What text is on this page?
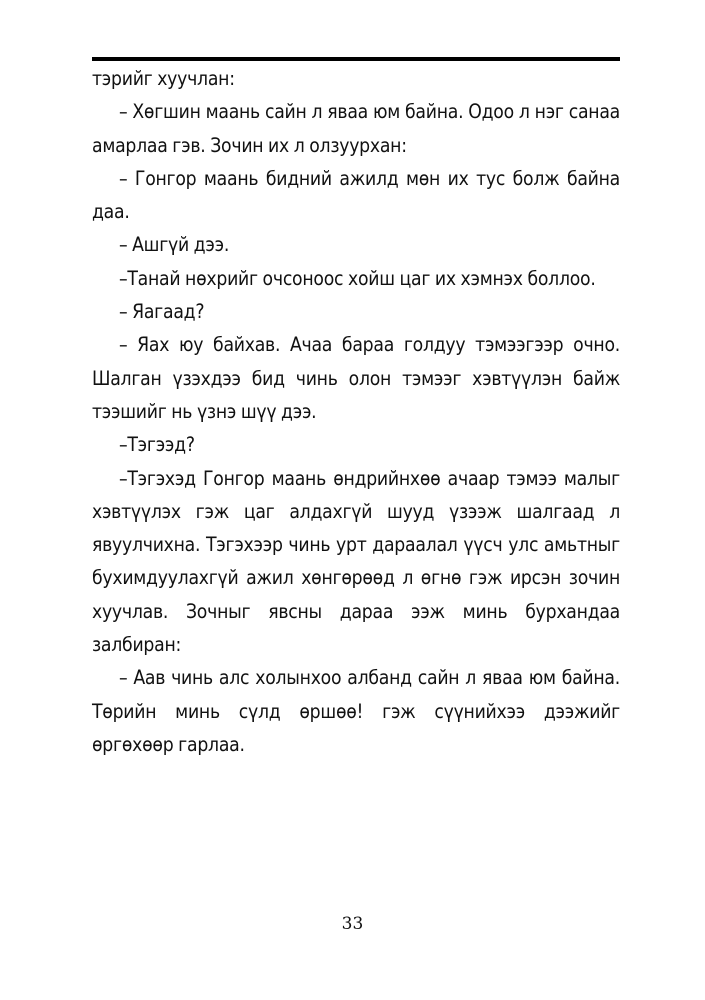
тэрийг хуучлан:

– Хөгшин маань сайн л яваа юм байна. Одоо л нэг санаа амарлаа гэв. Зочин их л олзуурхан:

– Гонгор маань бидний ажилд мөн их тус болж байна даа.

– Ашгүй дээ.

–Танай нөхрийг очсоноос хойш цаг их хэмнэх боллоо.

– Яагаад?

– Яах юу байхав. Ачаа бараа голдуу тэмээгээр очно. Шалган үзэхдээ бид чинь олон тэмээг хэвтүүлэн байж тээшийг нь үзнэ шүү дээ.

–Тэгээд?

–Тэгэхэд Гонгор маань өндрийнхөө ачаар тэмээ малыг хэвтүүлэх гэж цаг алдахгүй шууд үзээж шалгаад л явуулчихна. Тэгэхээр чинь урт дараалал үүсч улс амьтныг бухимдуулахгүй ажил хөнгөрөөд л өгнө гэж ирсэн зочин хуучлав. Зочныг явсны дараа ээж минь бурхандаа залбиран:

– Аав чинь алс холынхоо албанд сайн л яваа юм байна. Төрийн минь сүлд өршөө! гэж сүүнийхээ дээжийг өргөхөөр гарлаа.

33
